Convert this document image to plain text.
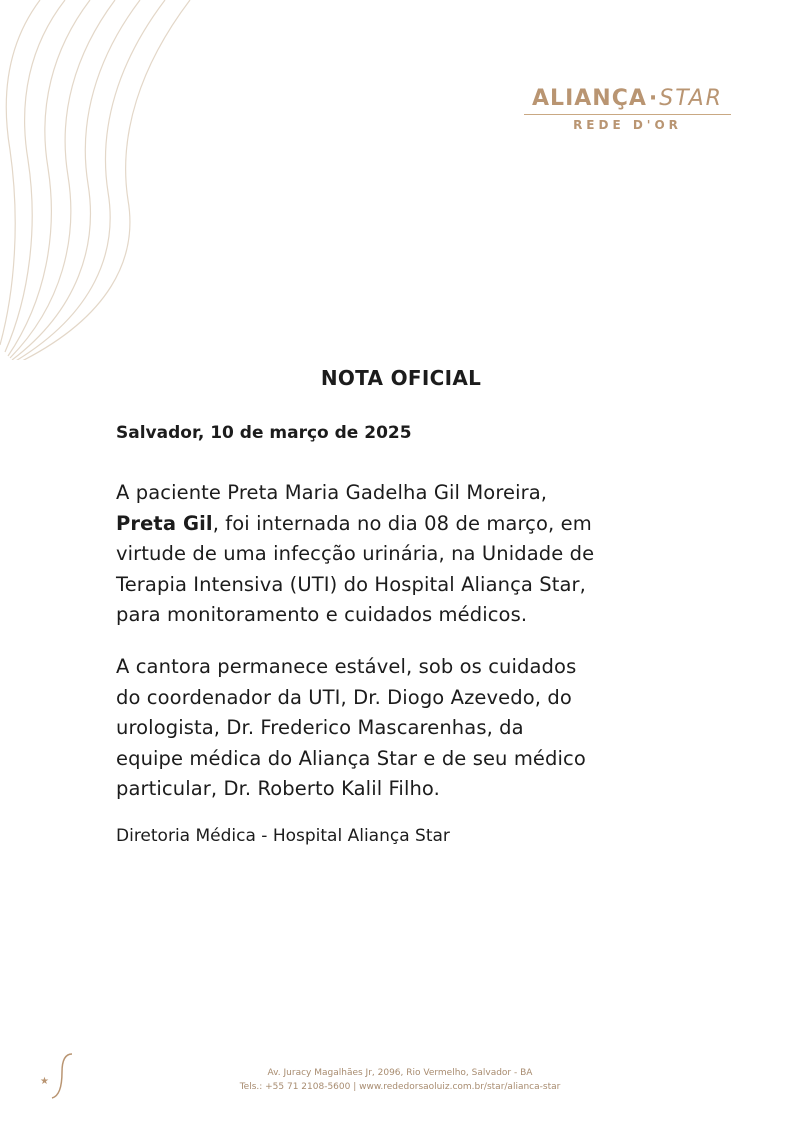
ALIANÇA·STAR
REDE D'OR
NOTA OFICIAL
Salvador, 10 de março de 2025
A paciente Preta Maria Gadelha Gil Moreira,
Preta Gil, foi internada no dia 08 de março, em
virtude de uma infecção urinária, na Unidade de
Terapia Intensiva (UTI) do Hospital Aliança Star,
para monitoramento e cuidados médicos.
A cantora permanece estável, sob os cuidados
do coordenador da UTI, Dr. Diogo Azevedo, do
urologista, Dr. Frederico Mascarenhas, da
equipe médica do Aliança Star e de seu médico
particular, Dr. Roberto Kalil Filho.
Diretoria Médica - Hospital Aliança Star
★
Av. Juracy Magalhães Jr, 2096, Rio Vermelho, Salvador - BA
Tels.: +55 71 2108-5600 | www.rededorsaoluiz.com.br/star/alianca-star
